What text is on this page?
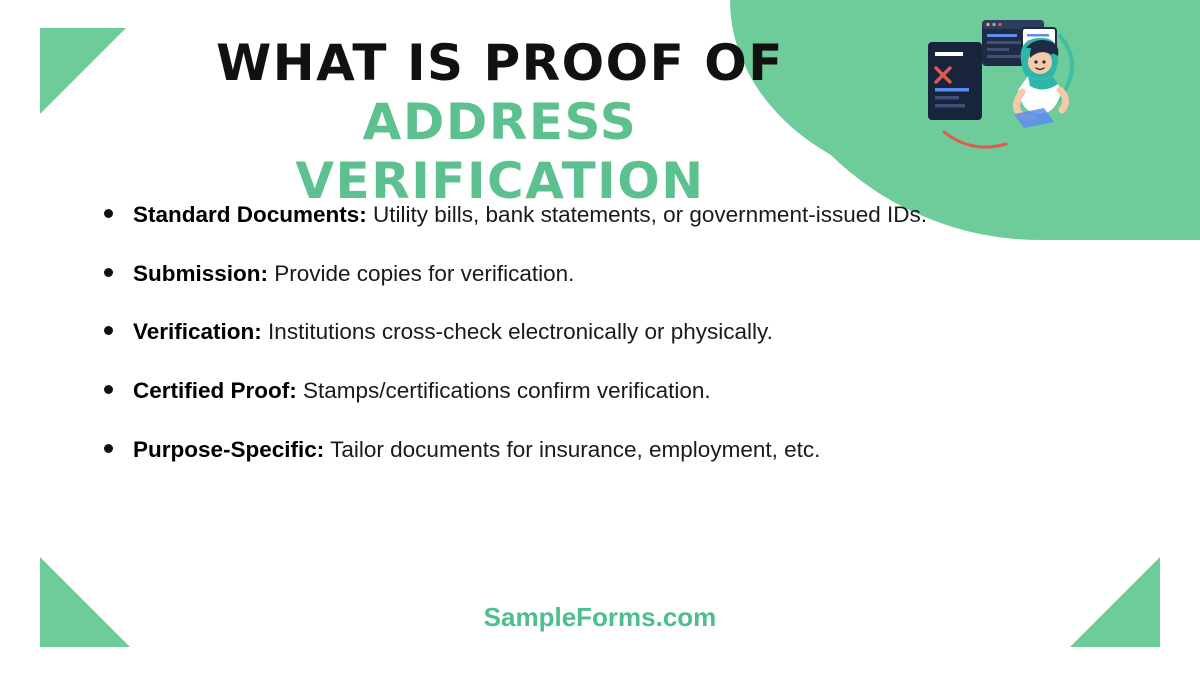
WHAT IS PROOF OF
ADDRESS VERIFICATION
Standard Documents: Utility bills, bank statements, or government-issued IDs.
Submission: Provide copies for verification.
Verification: Institutions cross-check electronically or physically.
Certified Proof: Stamps/certifications confirm verification.
Purpose-Specific: Tailor documents for insurance, employment, etc.
SampleForms.com
